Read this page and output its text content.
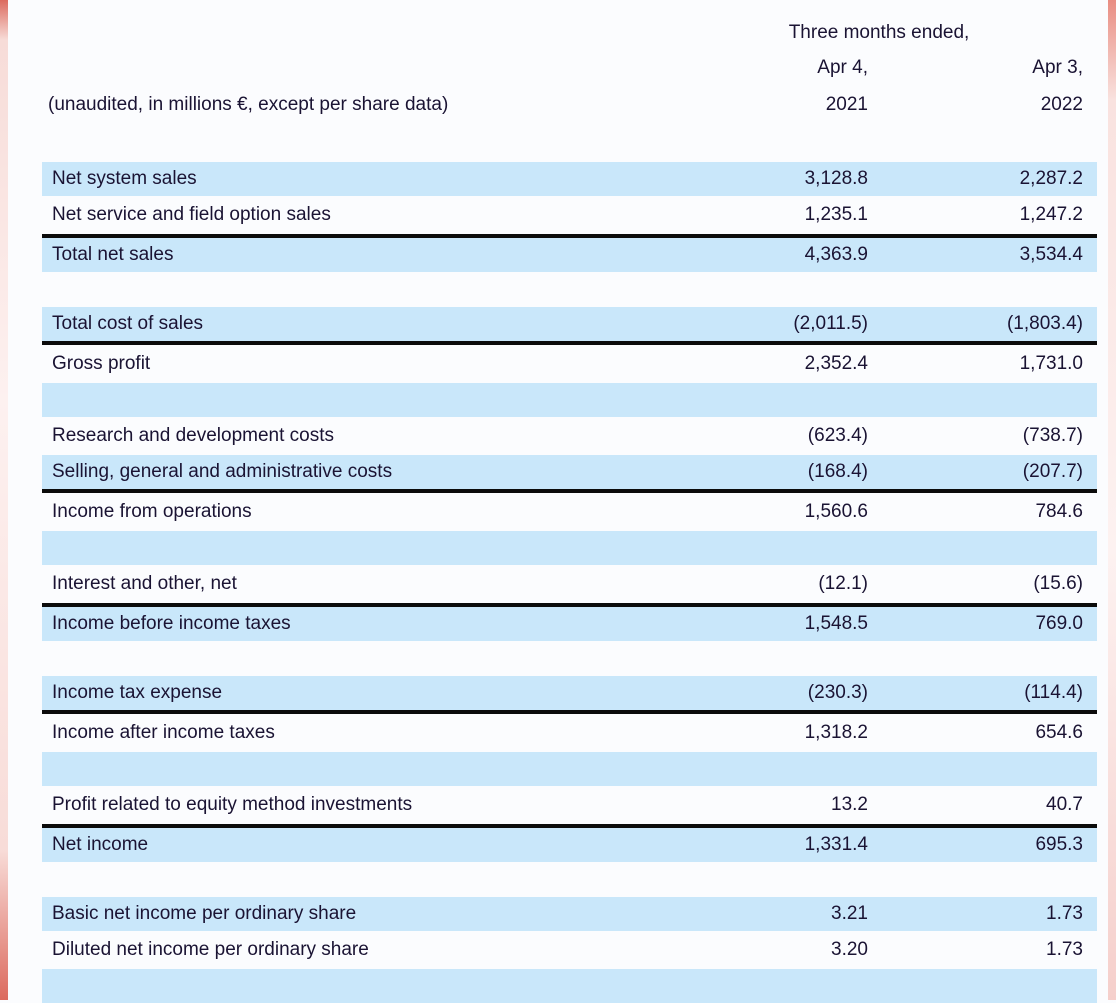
(unaudited, in millions €, except per share data)
Three months ended,
Apr 4,
2021
Apr 3,
2022
Net system sales	3,128.8	2,287.2
Net service and field option sales	1,235.1	1,247.2
Total net sales	4,363.9	3,534.4
Total cost of sales	(2,011.5)	(1,803.4)
Gross profit	2,352.4	1,731.0
Research and development costs	(623.4)	(738.7)
Selling, general and administrative costs	(168.4)	(207.7)
Income from operations	1,560.6	784.6
Interest and other, net	(12.1)	(15.6)
Income before income taxes	1,548.5	769.0
Income tax expense	(230.3)	(114.4)
Income after income taxes	1,318.2	654.6
Profit related to equity method investments	13.2	40.7
Net income	1,331.4	695.3
Basic net income per ordinary share	3.21	1.73
Diluted net income per ordinary share	3.20	1.73
